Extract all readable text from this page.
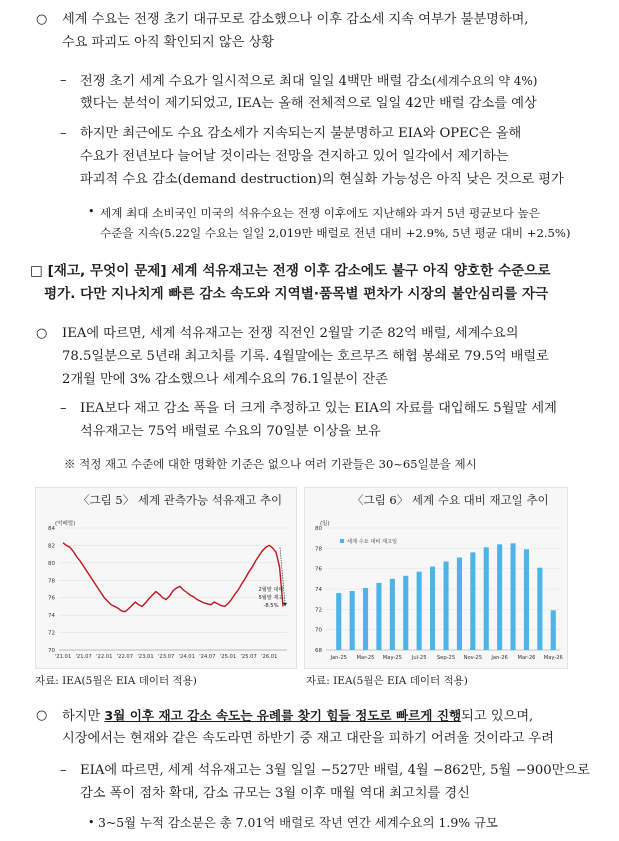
○ 세계 수요는 전쟁 초기 대규모로 감소했으나 이후 감소세 지속 여부가 불분명하며,
수요 파괴도 아직 확인되지 않은 상황
– 전쟁 초기 세계 수요가 일시적으로 최대 일일 4백만 배럴 감소(세계수요의 약 4%)
했다는 분석이 제기되었고, IEA는 올해 전체적으로 일일 42만 배럴 감소를 예상
– 하지만 최근에도 수요 감소세가 지속되는지 불분명하고 EIA와 OPEC은 올해
수요가 전년보다 늘어날 것이라는 전망을 견지하고 있어 일각에서 제기하는
파괴적 수요 감소(demand destruction)의 현실화 가능성은 아직 낮은 것으로 평가
• 세계 최대 소비국인 미국의 석유수요는 전쟁 이후에도 지난해와 과거 5년 평균보다 높은
수준을 지속(5.22일 수요는 일일 2,019만 배럴로 전년 대비 +2.9%, 5년 평균 대비 +2.5%)
□ [재고, 무엇이 문제] 세계 석유재고는 전쟁 이후 감소에도 불구 아직 양호한 수준으로
평가. 다만 지나치게 빠른 감소 속도와 지역별·품목별 편차가 시장의 불안심리를 자극
○ IEA에 따르면, 세계 석유재고는 전쟁 직전인 2월말 기준 82억 배럴, 세계수요의
78.5일분으로 5년래 최고치를 기록. 4월말에는 호르무즈 해협 봉쇄로 79.5억 배럴로
2개월 만에 3% 감소했으나 세계수요의 76.1일분이 잔존
– IEA보다 재고 감소 폭을 더 크게 추정하고 있는 EIA의 자료를 대입해도 5월말 세계
석유재고는 75억 배럴로 수요의 70일분 이상을 보유
※ 적정 재고 수준에 대한 명확한 기준은 없으나 여러 기관들은 30~65일분을 제시
〈그림 5〉 세계 관측가능 석유재고 추이
(억배럴)
70
72
74
76
78
80
82
84
'21.01 '21.07 '22.01 '22.07 '23.01 '23.07 '24.01 '24.07 '25.01 '25.07 '26.01
2월말 대비
5월말 재고
-8.5%
자료: IEA(5월은 EIA 데이터 적용)
〈그림 6〉 세계 수요 대비 재고일 추이
(일)
68
70
72
74
76
78
80
세계 수요 대비 재고일
Jan-25 Mar-25 May-25 Jul-25 Sep-25 Nov-25 Jan-26 Mar-26 May-26
자료: IEA(5월은 EIA 데이터 적용)
○ 하지만 3월 이후 재고 감소 속도는 유례를 찾기 힘들 정도로 빠르게 진행되고 있으며,
시장에서는 현재와 같은 속도라면 하반기 중 재고 대란을 피하기 어려울 것이라고 우려
– EIA에 따르면, 세계 석유재고는 3월 일일 −527만 배럴, 4월 −862만, 5월 −900만으로
감소 폭이 점차 확대, 감소 규모는 3월 이후 매월 역대 최고치를 경신
• 3~5월 누적 감소분은 총 7.01억 배럴로 작년 연간 세계수요의 1.9% 규모
